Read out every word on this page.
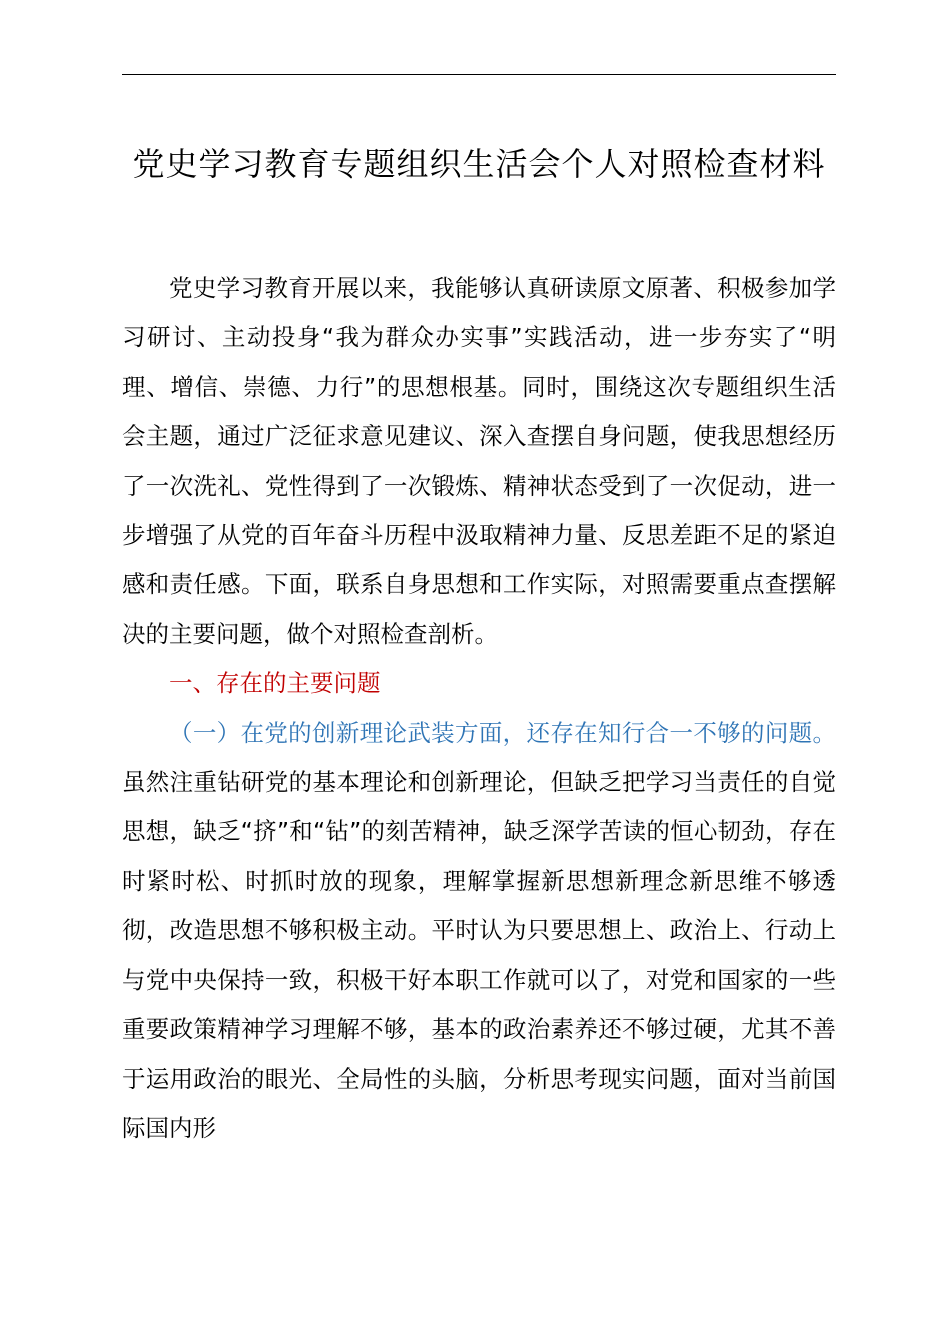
党史学习教育专题组织生活会个人对照检查材料

党史学习教育开展以来，我能够认真研读原文原著、积极参加学习研讨、主动投身“我为群众办实事”实践活动，进一步夯实了“明理、增信、崇德、力行”的思想根基。同时，围绕这次专题组织生活会主题，通过广泛征求意见建议、深入查摆自身问题，使我思想经历了一次洗礼、党性得到了一次锻炼、精神状态受到了一次促动，进一步增强了从党的百年奋斗历程中汲取精神力量、反思差距不足的紧迫感和责任感。下面，联系自身思想和工作实际，对照需要重点查摆解决的主要问题，做个对照检查剖析。

一、存在的主要问题

（一）在党的创新理论武装方面，还存在知行合一不够的问题。虽然注重钻研党的基本理论和创新理论，但缺乏把学习当责任的自觉思想，缺乏“挤”和“钻”的刻苦精神，缺乏深学苦读的恒心韧劲，存在时紧时松、时抓时放的现象，理解掌握新思想新理念新思维不够透彻，改造思想不够积极主动。平时认为只要思想上、政治上、行动上与党中央保持一致，积极干好本职工作就可以了，对党和国家的一些重要政策精神学习理解不够，基本的政治素养还不够过硬，尤其不善于运用政治的眼光、全局性的头脑，分析思考现实问题，面对当前国际国内形
